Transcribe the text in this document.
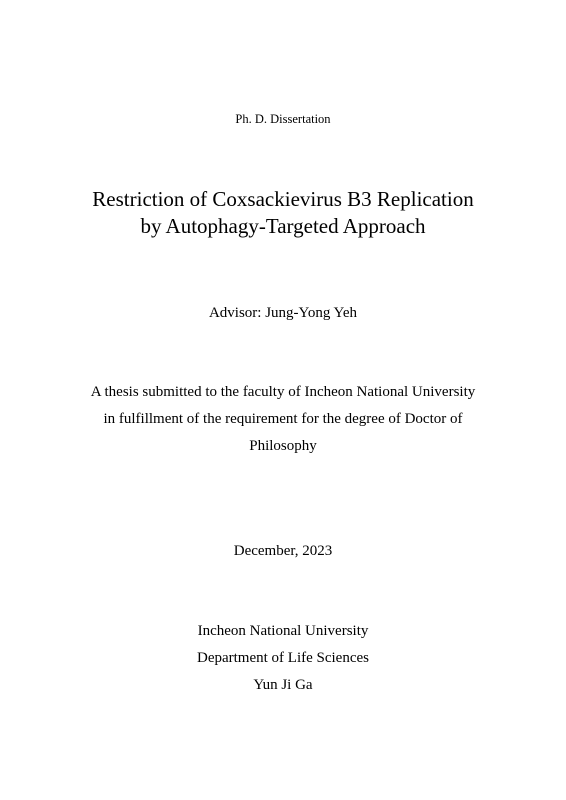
Ph. D. Dissertation
Restriction of Coxsackievirus B3 Replication
by Autophagy-Targeted Approach
Advisor: Jung-Yong Yeh
A thesis submitted to the faculty of Incheon National University
in fulfillment of the requirement for the degree of Doctor of
Philosophy
December, 2023
Incheon National University
Department of Life Sciences
Yun Ji Ga
